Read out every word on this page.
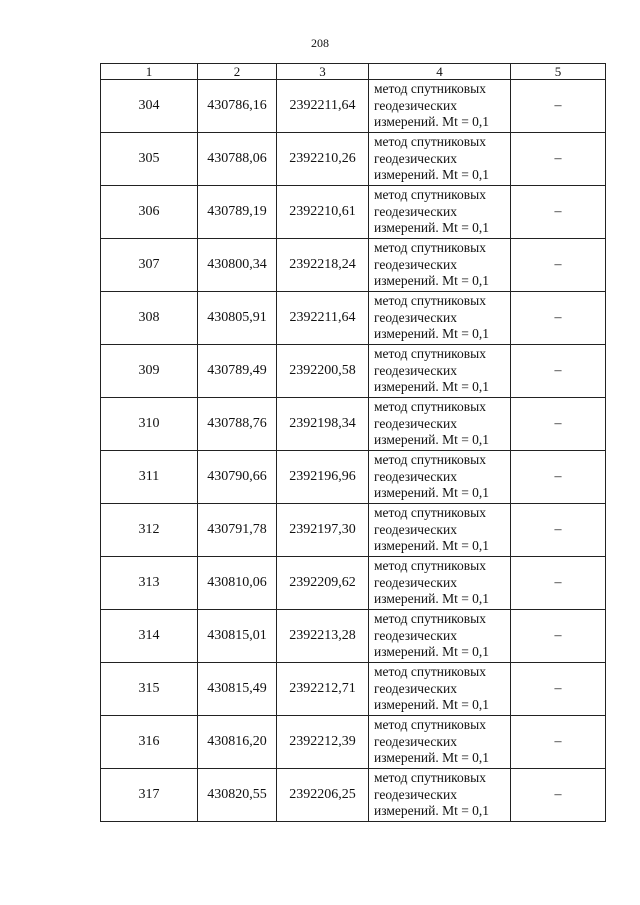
208
1	2	3	4	5
304	430786,16	2392211,64	метод спутниковых
геодезических
измерений. Mt = 0,1	–
305	430788,06	2392210,26	метод спутниковых
геодезических
измерений. Mt = 0,1	–
306	430789,19	2392210,61	метод спутниковых
геодезических
измерений. Mt = 0,1	–
307	430800,34	2392218,24	метод спутниковых
геодезических
измерений. Mt = 0,1	–
308	430805,91	2392211,64	метод спутниковых
геодезических
измерений. Mt = 0,1	–
309	430789,49	2392200,58	метод спутниковых
геодезических
измерений. Mt = 0,1	–
310	430788,76	2392198,34	метод спутниковых
геодезических
измерений. Mt = 0,1	–
311	430790,66	2392196,96	метод спутниковых
геодезических
измерений. Mt = 0,1	–
312	430791,78	2392197,30	метод спутниковых
геодезических
измерений. Mt = 0,1	–
313	430810,06	2392209,62	метод спутниковых
геодезических
измерений. Mt = 0,1	–
314	430815,01	2392213,28	метод спутниковых
геодезических
измерений. Mt = 0,1	–
315	430815,49	2392212,71	метод спутниковых
геодезических
измерений. Mt = 0,1	–
316	430816,20	2392212,39	метод спутниковых
геодезических
измерений. Mt = 0,1	–
317	430820,55	2392206,25	метод спутниковых
геодезических
измерений. Mt = 0,1	–
